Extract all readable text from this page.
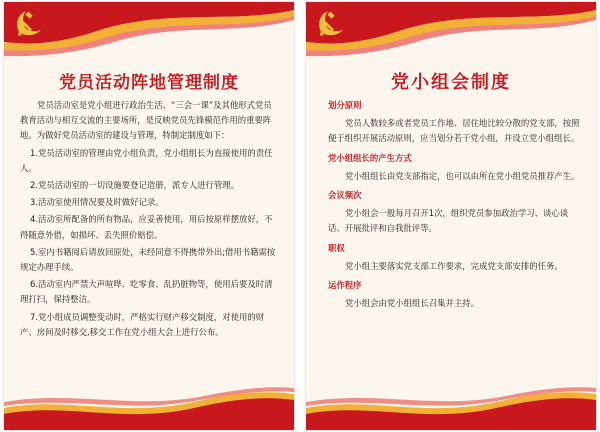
党员活动阵地管理制度

党员活动室是党小组进行政治生活、“三会一课”及其他形式党员教育活动与相互交流的主要场所，是反映党员先锋模范作用的重要阵地。为做好党员活动室的建设与管理，特制定制度如下：

1.党员活动室的管理由党小组负责，党小组组长为直接使用的责任人。

2.党员活动室的一切设施要登记造册，派专人进行管理。

3.活动室使用情况要及时做好记录。

4.活动室所配备的所有物品，应妥善使用，用后按原样摆放好，不得随意外借，如损坏、丢失照价赔偿。

5.室内书籍阅后请放回原处，未经同意不得携带外出;借用书籍需按规定办理手续。

6.活动室内严禁大声喧哗、吃零食、乱扔脏物等，使用后要及时清理打扫，保持整洁。

7.党小组成员调整变动时，严格实行财产移交制度，对使用的财产、房间及时移交,移交工作在党小组大会上进行公布。

党小组会制度

划分原则

党员人数较多或者党员工作地、居住地比较分散的党支部，按照便于组织开展活动原则，应当划分若干党小组，并设立党小组组长。

党小组组长的产生方式

党小组组长由党支部指定，也可以由所在党小组党员推荐产生。

会议频次

党小组会一般每月召开1次，组织党员参加政治学习、谈心谈话、开展批评和自我批评等。

职权

党小组主要落实党支部工作要求，完成党支部安排的任务。

运作程序

党小组会由党小组组长召集并主持。
